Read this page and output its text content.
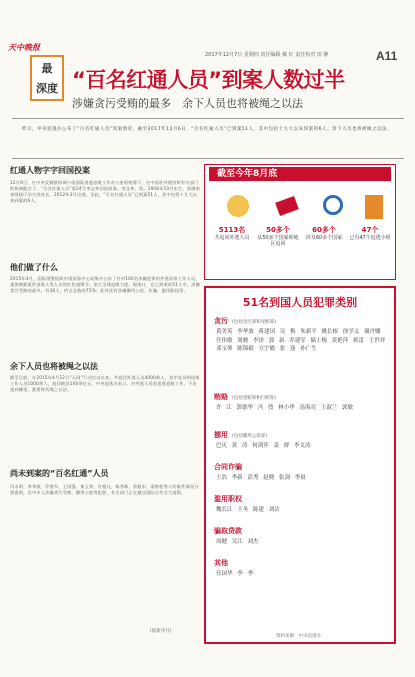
天中晚报
最
深度
2017年12月7日 星期四 责任编辑 戴 红 责任校对 田 静	A11
“百名红通人员”到案人数过半
涉嫌贪污受贿的最多　余下人员也将被绳之以法
昨日，中央追逃办公布了“百名红通人员”到案情况，截至2017年12月6日，“百名红通人员”已到案51人，其中包括十九大以来到案的6人。余下人员也将被绳之以法。
红通人物字字回国投案
12月6日，在中央反腐败协调小组国际追逃追赃工作办公室的统筹下，在中国驻外使馆和有关部门的协调配合下，“百名红通人员”第24号李文革回国投案。李文革，男，1958年10月出生，原湖南省财政厅综合处处长，2012年3月出逃。至此，“百名红通人员”已到案51人，其中包括十九大以来到案的6人。
他们做了什么
2015年4月，国际刑警组织中国国家中心局集中公布了针对100名涉嫌犯罪的外逃国家工作人员、重要腐败案件涉案人等人员的红色通缉令。加大全球追缉力度。据统计，在已到案的51人中，涉嫌贪污受贿的最多，有38人，约占总数的75%；此外还有涉嫌挪用公款、诈骗、滥用职权等。
余下人员也将被绳之以法
截至目前，在2015年4月22日“天网”行动启动以来，共追回外逃人员4000余人，其中党员和国家工作人员1000余人，追回赃款100余亿元。中央追逃办表示，对外逃人员的追逃追赃工作，不论逃到哪里，都要将其绳之以法。
尚未到案的“百名红通”人员
闫永明、李华波、乔建军、王国强、黄玉荣、许超凡、杨秀珠、余振东、梁锦松等人的案件情况分别说明，其中多人涉嫌贪污受贿、挪用公款等犯罪，有关部门正在通过国际合作全力追缉。
(据新华社)
截至今年8月底
5113名
共追回外逃人员
50多个
从50多个国家和地区追回
60多个
涉及60多个国家
47个
已有47个追逃小组
51名到国人员犯罪类别
贪污 (包括贪污罪和受贿罪)
黄美英 李华波 蒋建国 吴 梅 朱新平 姚长根 徐学义 谢丹娜 任伟敏 周骏 李泽 郭 新 乔建军 储士梅 黄艳萍 蒋雷 王世祥 邓宝琴 陈锦毅 方宇敏 张 逢 孙广生
贿赂 (包括受贿罪和行贿罪)
许 江 郭德华 冯 弢 林小华 汤海亮 王淑兰 郭敏
挪用 (包括挪用公款罪)
巴庆 黄 涛 何剑萍 姜 群 李文涛
合同诈骗
王浩 李新 彭秀 赵晓 张剑 李晨
滥用职权
魏长江 王冬 陈建 刘洁
骗取贷款
周健 吴江 刘杰
其他
任国华 李 季
资料来源：中央追逃办
